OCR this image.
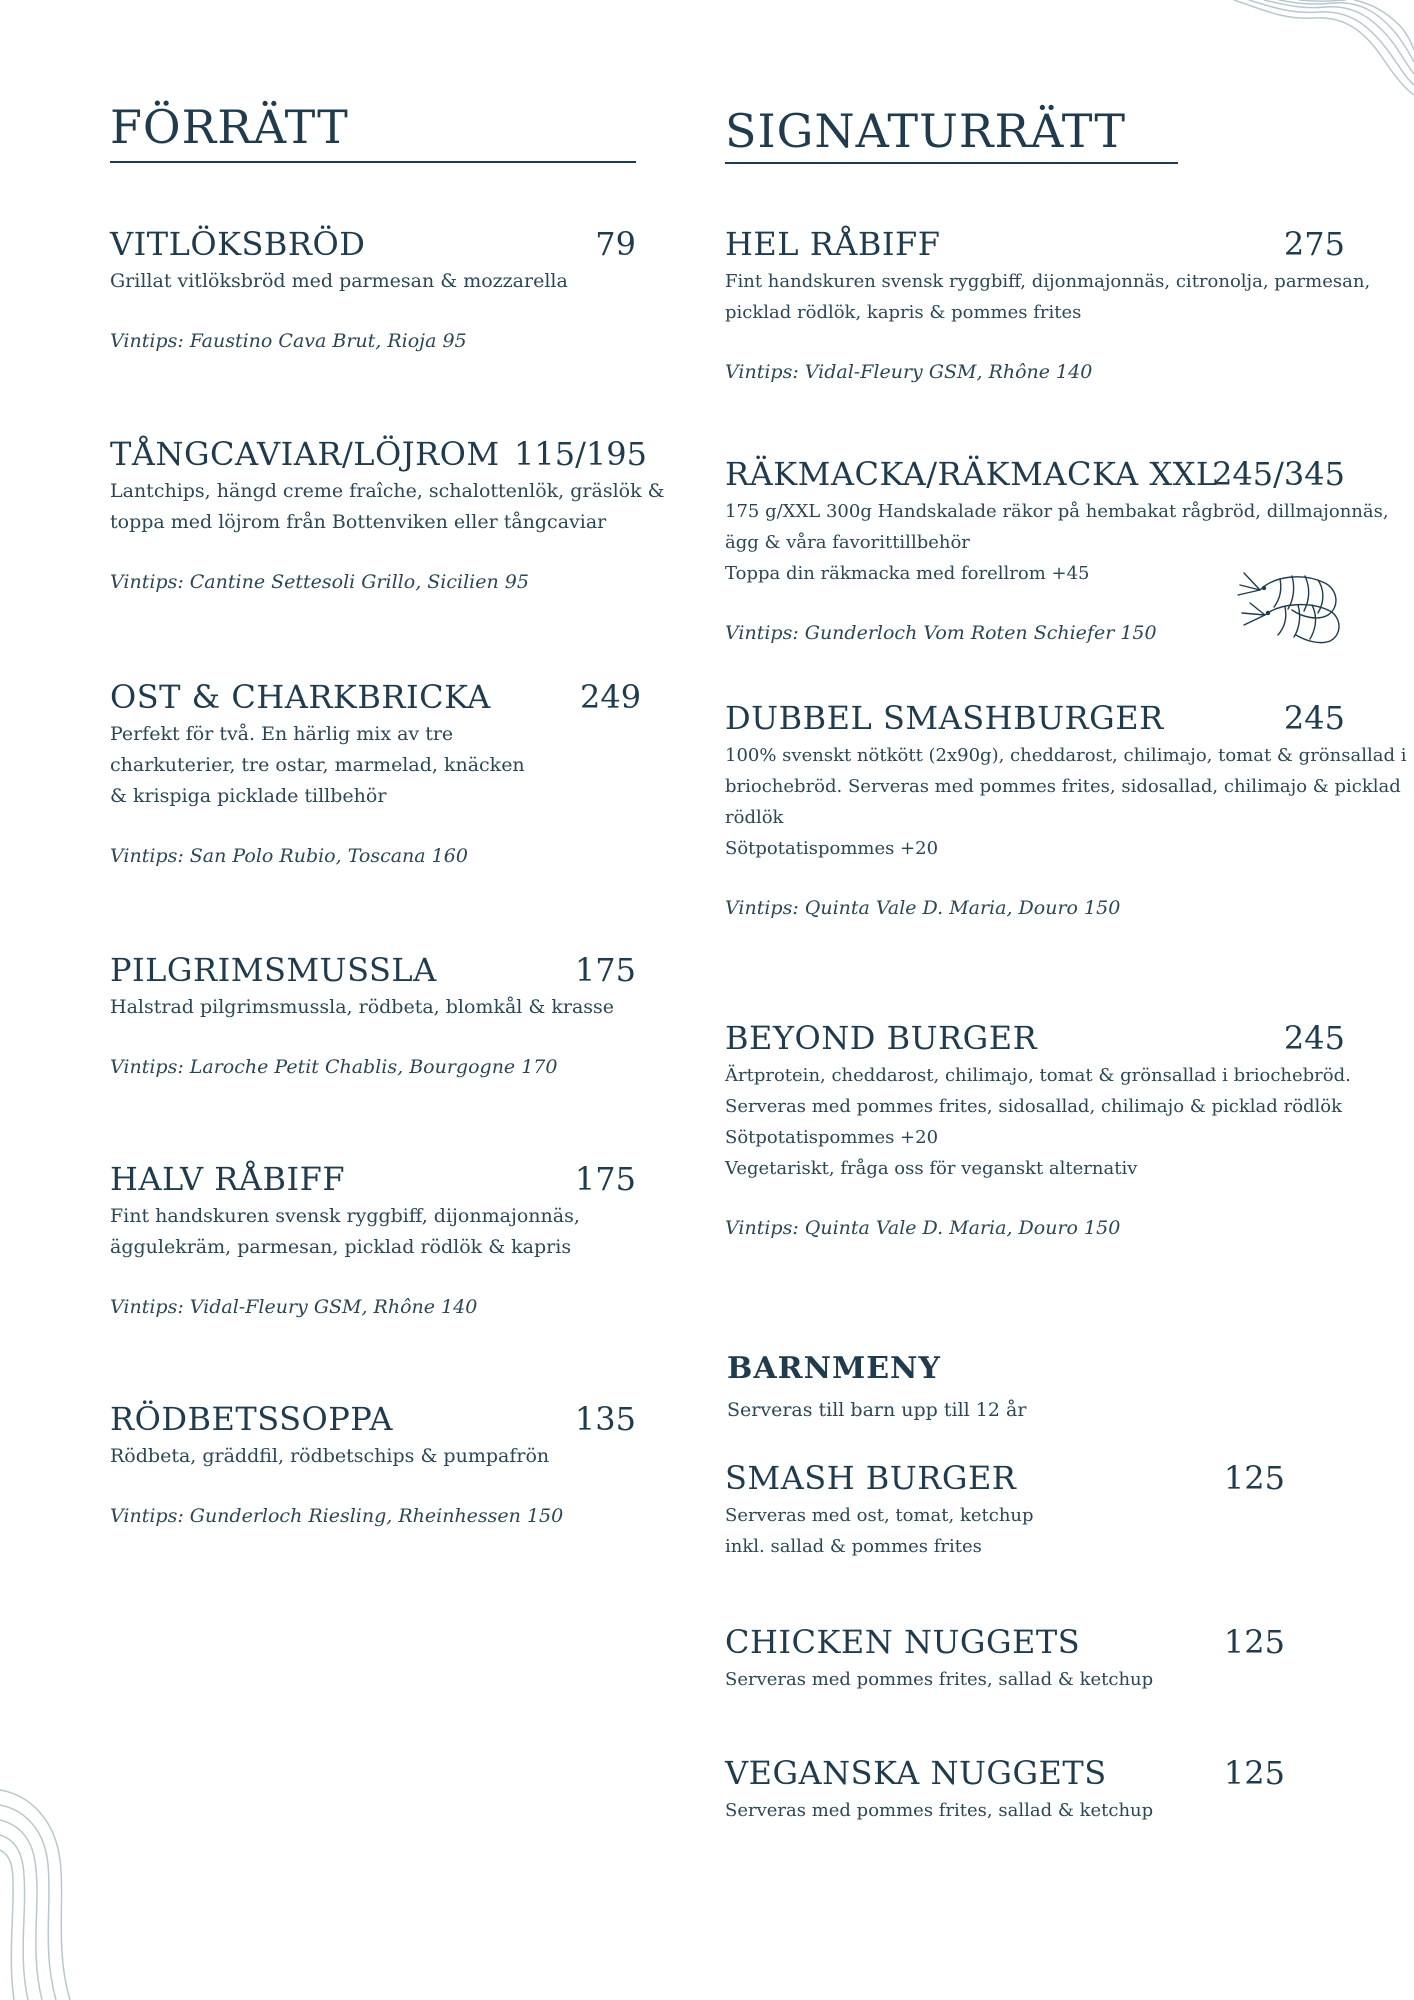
FÖRRÄTT
VITLÖKSBRÖD	79
Grillat vitlöksbröd med parmesan & mozzarella
Vintips: Faustino Cava Brut, Rioja 95
TÅNGCAVIAR/LÖJROM 115/195
Lantchips, hängd creme fraîche, schalottenlök, gräslök &
toppa med löjrom från Bottenviken eller tångcaviar
Vintips: Cantine Settesoli Grillo, Sicilien 95
OST & CHARKBRICKA	249
Perfekt för två. En härlig mix av tre
charkuterier, tre ostar, marmelad, knäcken
& krispiga picklade tillbehör
Vintips: San Polo Rubio, Toscana 160
PILGRIMSMUSSLA	175
Halstrad pilgrimsmussla, rödbeta, blomkål & krasse
Vintips: Laroche Petit Chablis, Bourgogne 170
HALV RÅBIFF	175
Fint handskuren svensk ryggbiff, dijonmajonnäs,
äggulekräm, parmesan, picklad rödlök & kapris
Vintips: Vidal-Fleury GSM, Rhône 140
RÖDBETSSOPPA	135
Rödbeta, gräddfil, rödbetschips & pumpafrön
Vintips: Gunderloch Riesling, Rheinhessen 150
SIGNATURRÄTT
HEL RÅBIFF	275
Fint handskuren svensk ryggbiff, dijonmajonnäs, citronolja, parmesan,
picklad rödlök, kapris & pommes frites
Vintips: Vidal-Fleury GSM, Rhône 140
RÄKMACKA/RÄKMACKA XXL
245/345
175 g/XXL 300g Handskalade räkor på hembakat rågbröd, dillmajonnäs,
ägg & våra favorittillbehör
Toppa din räkmacka med forellrom +45
Vintips: Gunderloch Vom Roten Schiefer 150
DUBBEL SMASHBURGER	245
100% svenskt nötkött (2x90g), cheddarost, chilimajo, tomat & grönsallad i
briochebröd. Serveras med pommes frites, sidosallad, chilimajo & picklad
rödlök
Sötpotatispommes +20
Vintips: Quinta Vale D. Maria, Douro 150
BEYOND BURGER	245
Ärtprotein, cheddarost, chilimajo, tomat & grönsallad i briochebröd.
Serveras med pommes frites, sidosallad, chilimajo & picklad rödlök
Sötpotatispommes +20
Vegetariskt, fråga oss för veganskt alternativ
Vintips: Quinta Vale D. Maria, Douro 150
BARNMENY
Serveras till barn upp till 12 år
SMASH BURGER	125
Serveras med ost, tomat, ketchup
inkl. sallad & pommes frites
CHICKEN NUGGETS	125
Serveras med pommes frites, sallad & ketchup
VEGANSKA NUGGETS	125
Serveras med pommes frites, sallad & ketchup
